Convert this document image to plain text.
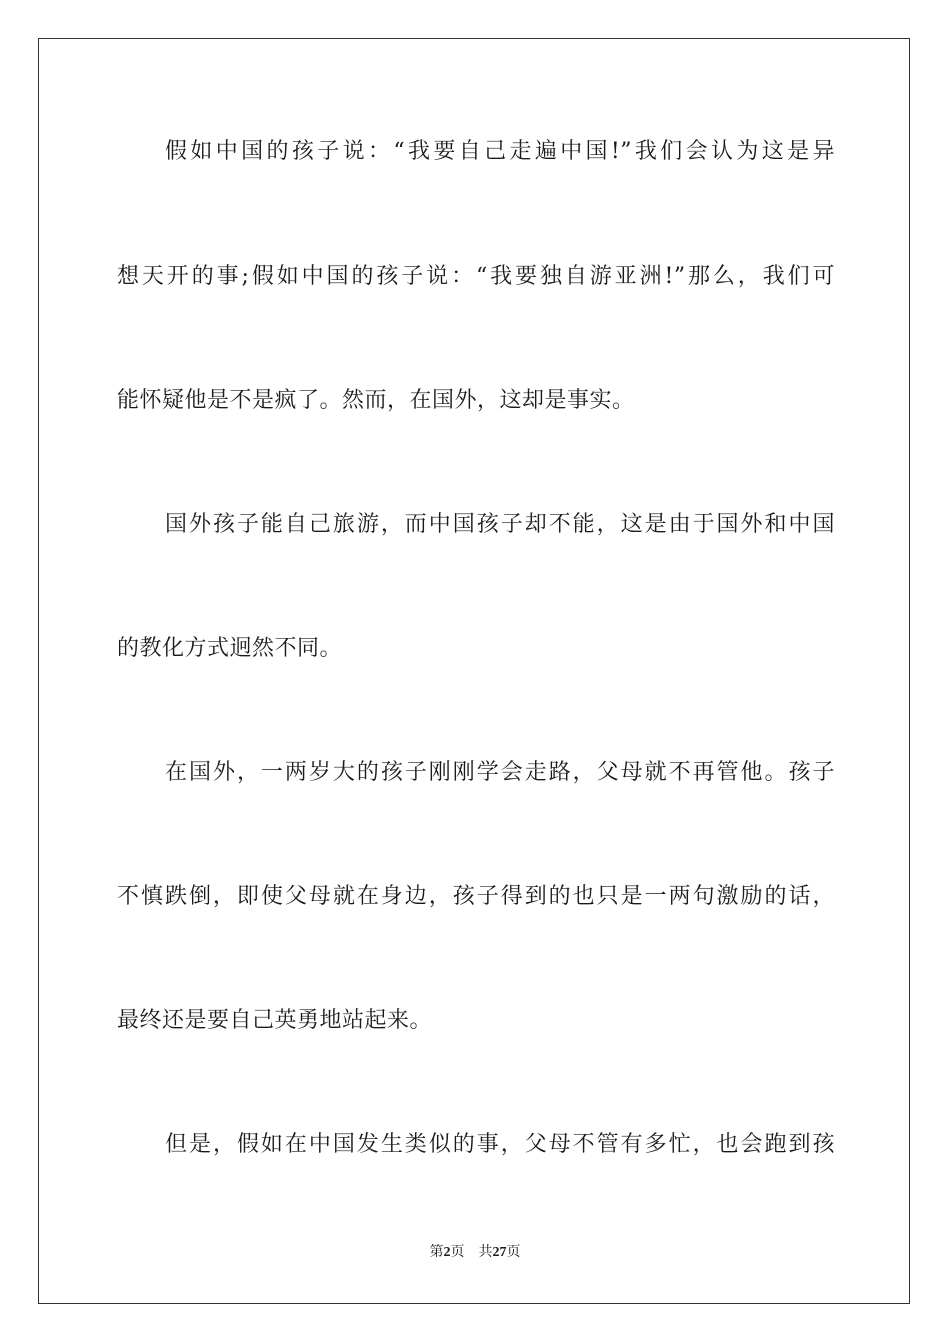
假如中国的孩子说：“我要自己走遍中国!”我们会认为这是异
想天开的事;假如中国的孩子说：“我要独自游亚洲!”那么，我们可
能怀疑他是不是疯了。然而，在国外，这却是事实。
国外孩子能自己旅游，而中国孩子却不能，这是由于国外和中国
的教化方式迥然不同。
在国外，一两岁大的孩子刚刚学会走路，父母就不再管他。孩子
不慎跌倒，即使父母就在身边，孩子得到的也只是一两句激励的话，
最终还是要自己英勇地站起来。
但是，假如在中国发生类似的事，父母不管有多忙，也会跑到孩
第2页 共27页
